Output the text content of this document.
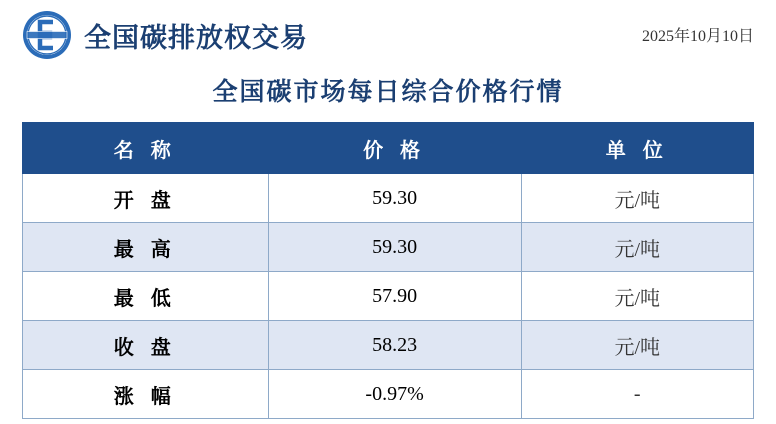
全国碳排放权交易	2025年10月10日
全国碳市场每日综合价格行情
名 称	价 格	单 位
开 盘	59.30	元/吨
最 高	59.30	元/吨
最 低	57.90	元/吨
收 盘	58.23	元/吨
涨 幅	-0.97%	-
